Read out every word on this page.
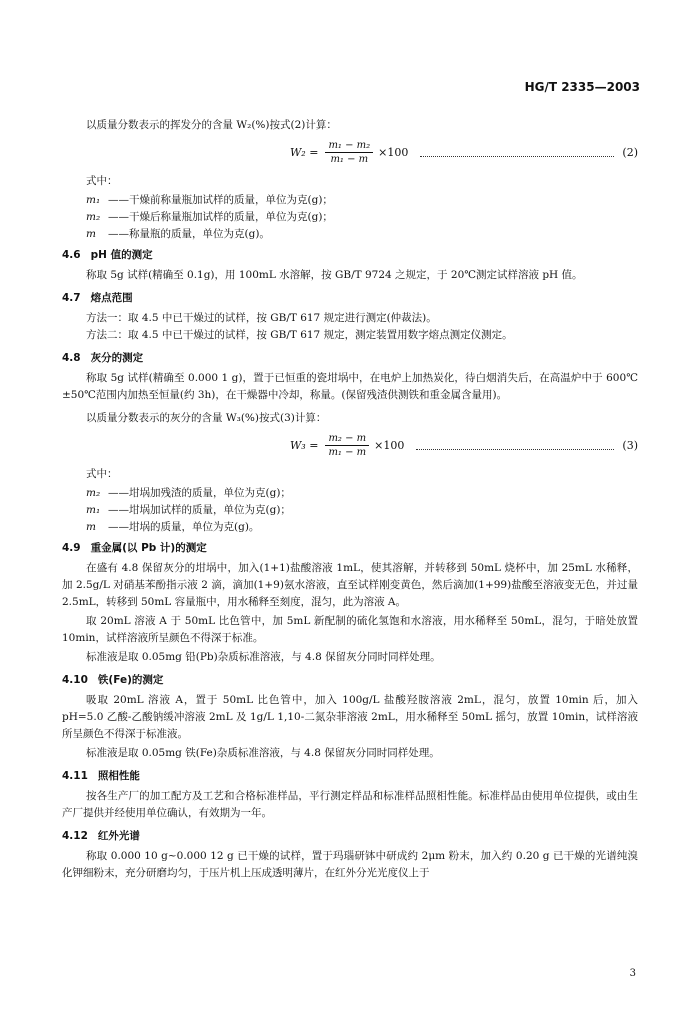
HG/T 2335—2003

以质量分数表示的挥发分的含量 W₂(%)按式(2)计算：

$W_2 = \frac{\text{m₁ − m₂}}{\text{m₁ − m}} \times 100$	(2)

式中：

m₁ ——干燥前称量瓶加试样的质量，单位为克(g)；

m₂ ——干燥后称量瓶加试样的质量，单位为克(g)；

m ——称量瓶的质量，单位为克(g)。

4.6 pH 值的测定

称取 5g 试样(精确至 0.1g)，用 100mL 水溶解，按 GB/T 9724 之规定，于 20℃测定试样溶液 pH 值。

4.7 熔点范围

方法一：取 4.5 中已干燥过的试样，按 GB/T 617 规定进行测定(仲裁法)。

方法二：取 4.5 中已干燥过的试样，按 GB/T 617 规定，测定装置用数字熔点测定仪测定。

4.8 灰分的测定

称取 5g 试样(精确至 0.000 1 g)，置于已恒重的瓷坩埚中，在电炉上加热炭化，待白烟消失后，在高温炉中于 600℃±50℃范围内加热至恒量(约 3h)，在干燥器中冷却，称量。(保留残渣供测铁和重金属含量用)。

以质量分数表示的灰分的含量 W₃(%)按式(3)计算：

$W_3 = \frac{\text{m₂ − m}}{\text{m₁ − m}} \times 100$	(3)

式中：

m₂ ——坩埚加残渣的质量，单位为克(g)；

m₁ ——坩埚加试样的质量，单位为克(g)；

m ——坩埚的质量，单位为克(g)。

4.9 重金属(以 Pb 计)的测定

在盛有 4.8 保留灰分的坩埚中，加入(1+1)盐酸溶液 1mL，使其溶解，并转移到 50mL 烧杯中，加 25mL 水稀释，加 2.5g/L 对硝基苯酚指示液 2 滴，滴加(1+9)氨水溶液，直至试样刚变黄色，然后滴加(1+99)盐酸至溶液变无色，并过量 2.5mL，转移到 50mL 容量瓶中，用水稀释至刻度，混匀，此为溶液 A。

取 20mL 溶液 A 于 50mL 比色管中，加 5mL 新配制的硫化氢饱和水溶液，用水稀释至 50mL，混匀，于暗处放置 10min，试样溶液所呈颜色不得深于标准。

标准液是取 0.05mg 铅(Pb)杂质标准溶液，与 4.8 保留灰分同时同样处理。

4.10 铁(Fe)的测定

吸取 20mL 溶液 A，置于 50mL 比色管中，加入 100g/L 盐酸羟胺溶液 2mL，混匀，放置 10min 后，加入 pH=5.0 乙酸-乙酸钠缓冲溶液 2mL 及 1g/L 1,10-二氮杂菲溶液 2mL，用水稀释至 50mL 摇匀，放置 10min，试样溶液所呈颜色不得深于标准液。

标准液是取 0.05mg 铁(Fe)杂质标准溶液，与 4.8 保留灰分同时同样处理。

4.11 照相性能

按各生产厂的加工配方及工艺和合格标准样品，平行测定样品和标准样品照相性能。标准样品由使用单位提供，或由生产厂提供并经使用单位确认，有效期为一年。

4.12 红外光谱

称取 0.000 10 g~0.000 12 g 已干燥的试样，置于玛瑙研钵中研成约 2μm 粉末，加入约 0.20 g 已干燥的光谱纯溴化钾细粉末，充分研磨均匀，于压片机上压成透明薄片，在红外分光光度仪上于

3
